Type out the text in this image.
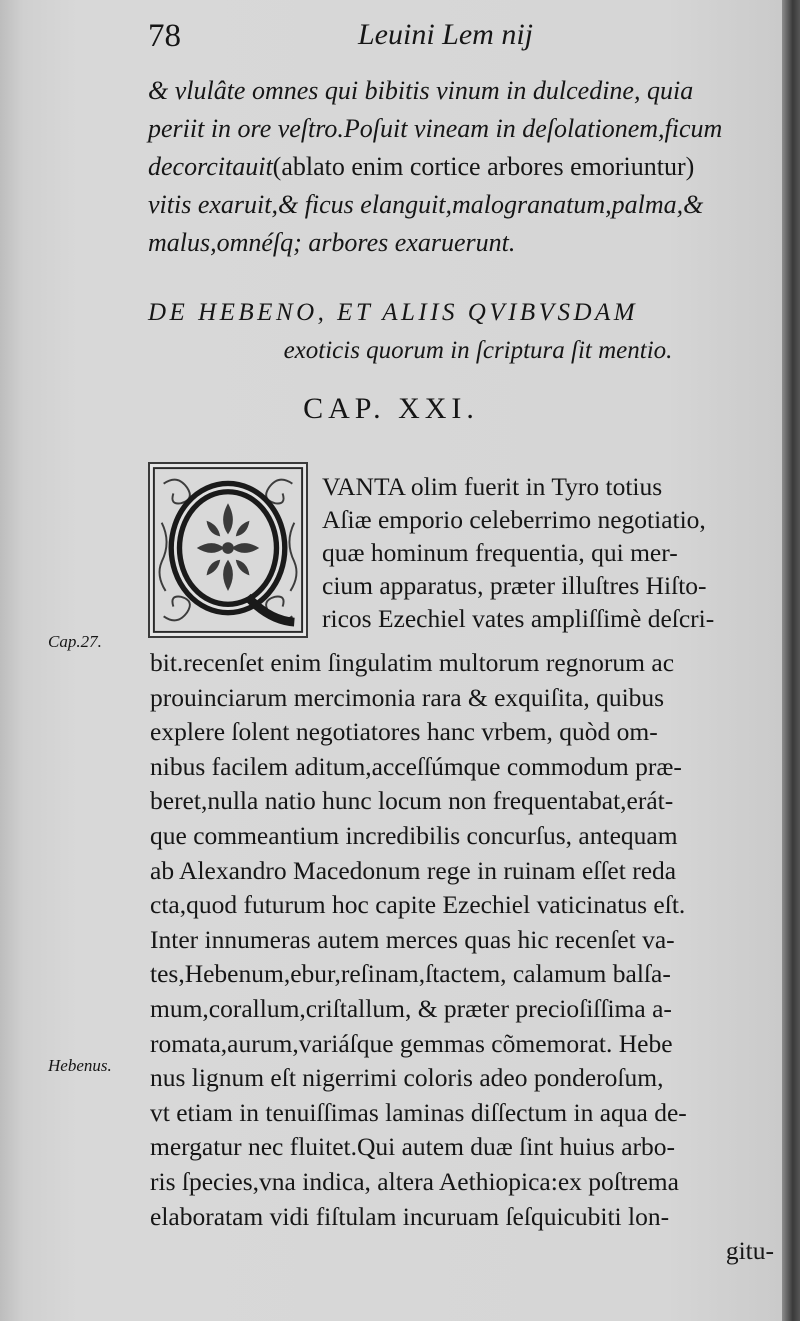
78	Leuini Lem nij
& vlulâte omnes qui bibitis vinum in dulcedine, quia
periit in ore veſtro.Poſuit vineam in deſolationem,ficum
decorcitauit(ablato enim cortice arbores emoriuntur)
vitis exaruit,& ficus elanguit,malogranatum,palma,&
malus,omnéſq; arbores exaruerunt.
DE HEBENO, ET ALIIS QVIBVSDAM
exoticis quorum in ſcriptura ſit mentio.
CAP. XXI.
VANTA olim fuerit in Tyro totius
Aſiæ emporio celeberrimo negotiatio,
quæ hominum frequentia, qui mer-
cium apparatus, præter illuſtres Hiſto-
ricos Ezechiel vates ampliſſimè deſcri-
bit.recenſet enim ſingulatim multorum regnorum ac
prouinciarum mercimonia rara & exquiſita, quibus
explere ſolent negotiatores hanc vrbem, quòd om-
nibus facilem aditum,acceſſúmque commodum præ-
beret,nulla natio hunc locum non frequentabat,erát-
que commeantium incredibilis concurſus, antequam
ab Alexandro Macedonum rege in ruinam eſſet reda
cta,quod futurum hoc capite Ezechiel vaticinatus eſt.
Inter innumeras autem merces quas hic recenſet va-
tes,Hebenum,ebur,reſinam,ſtactem, calamum balſa-
mum,corallum,criſtallum, & præter precioſiſſima a-
romata,aurum,variáſque gemmas cõmemorat. Hebe
nus lignum eſt nigerrimi coloris adeo ponderoſum,
vt etiam in tenuiſſimas laminas diſſectum in aqua de-
mergatur nec fluitet.Qui autem duæ ſint huius arbo-
ris ſpecies,vna indica, altera Aethiopica:ex poſtrema
elaboratam vidi fiſtulam incuruam ſeſquicubiti lon-
gitu-
Cap.27.
Hebenus.
